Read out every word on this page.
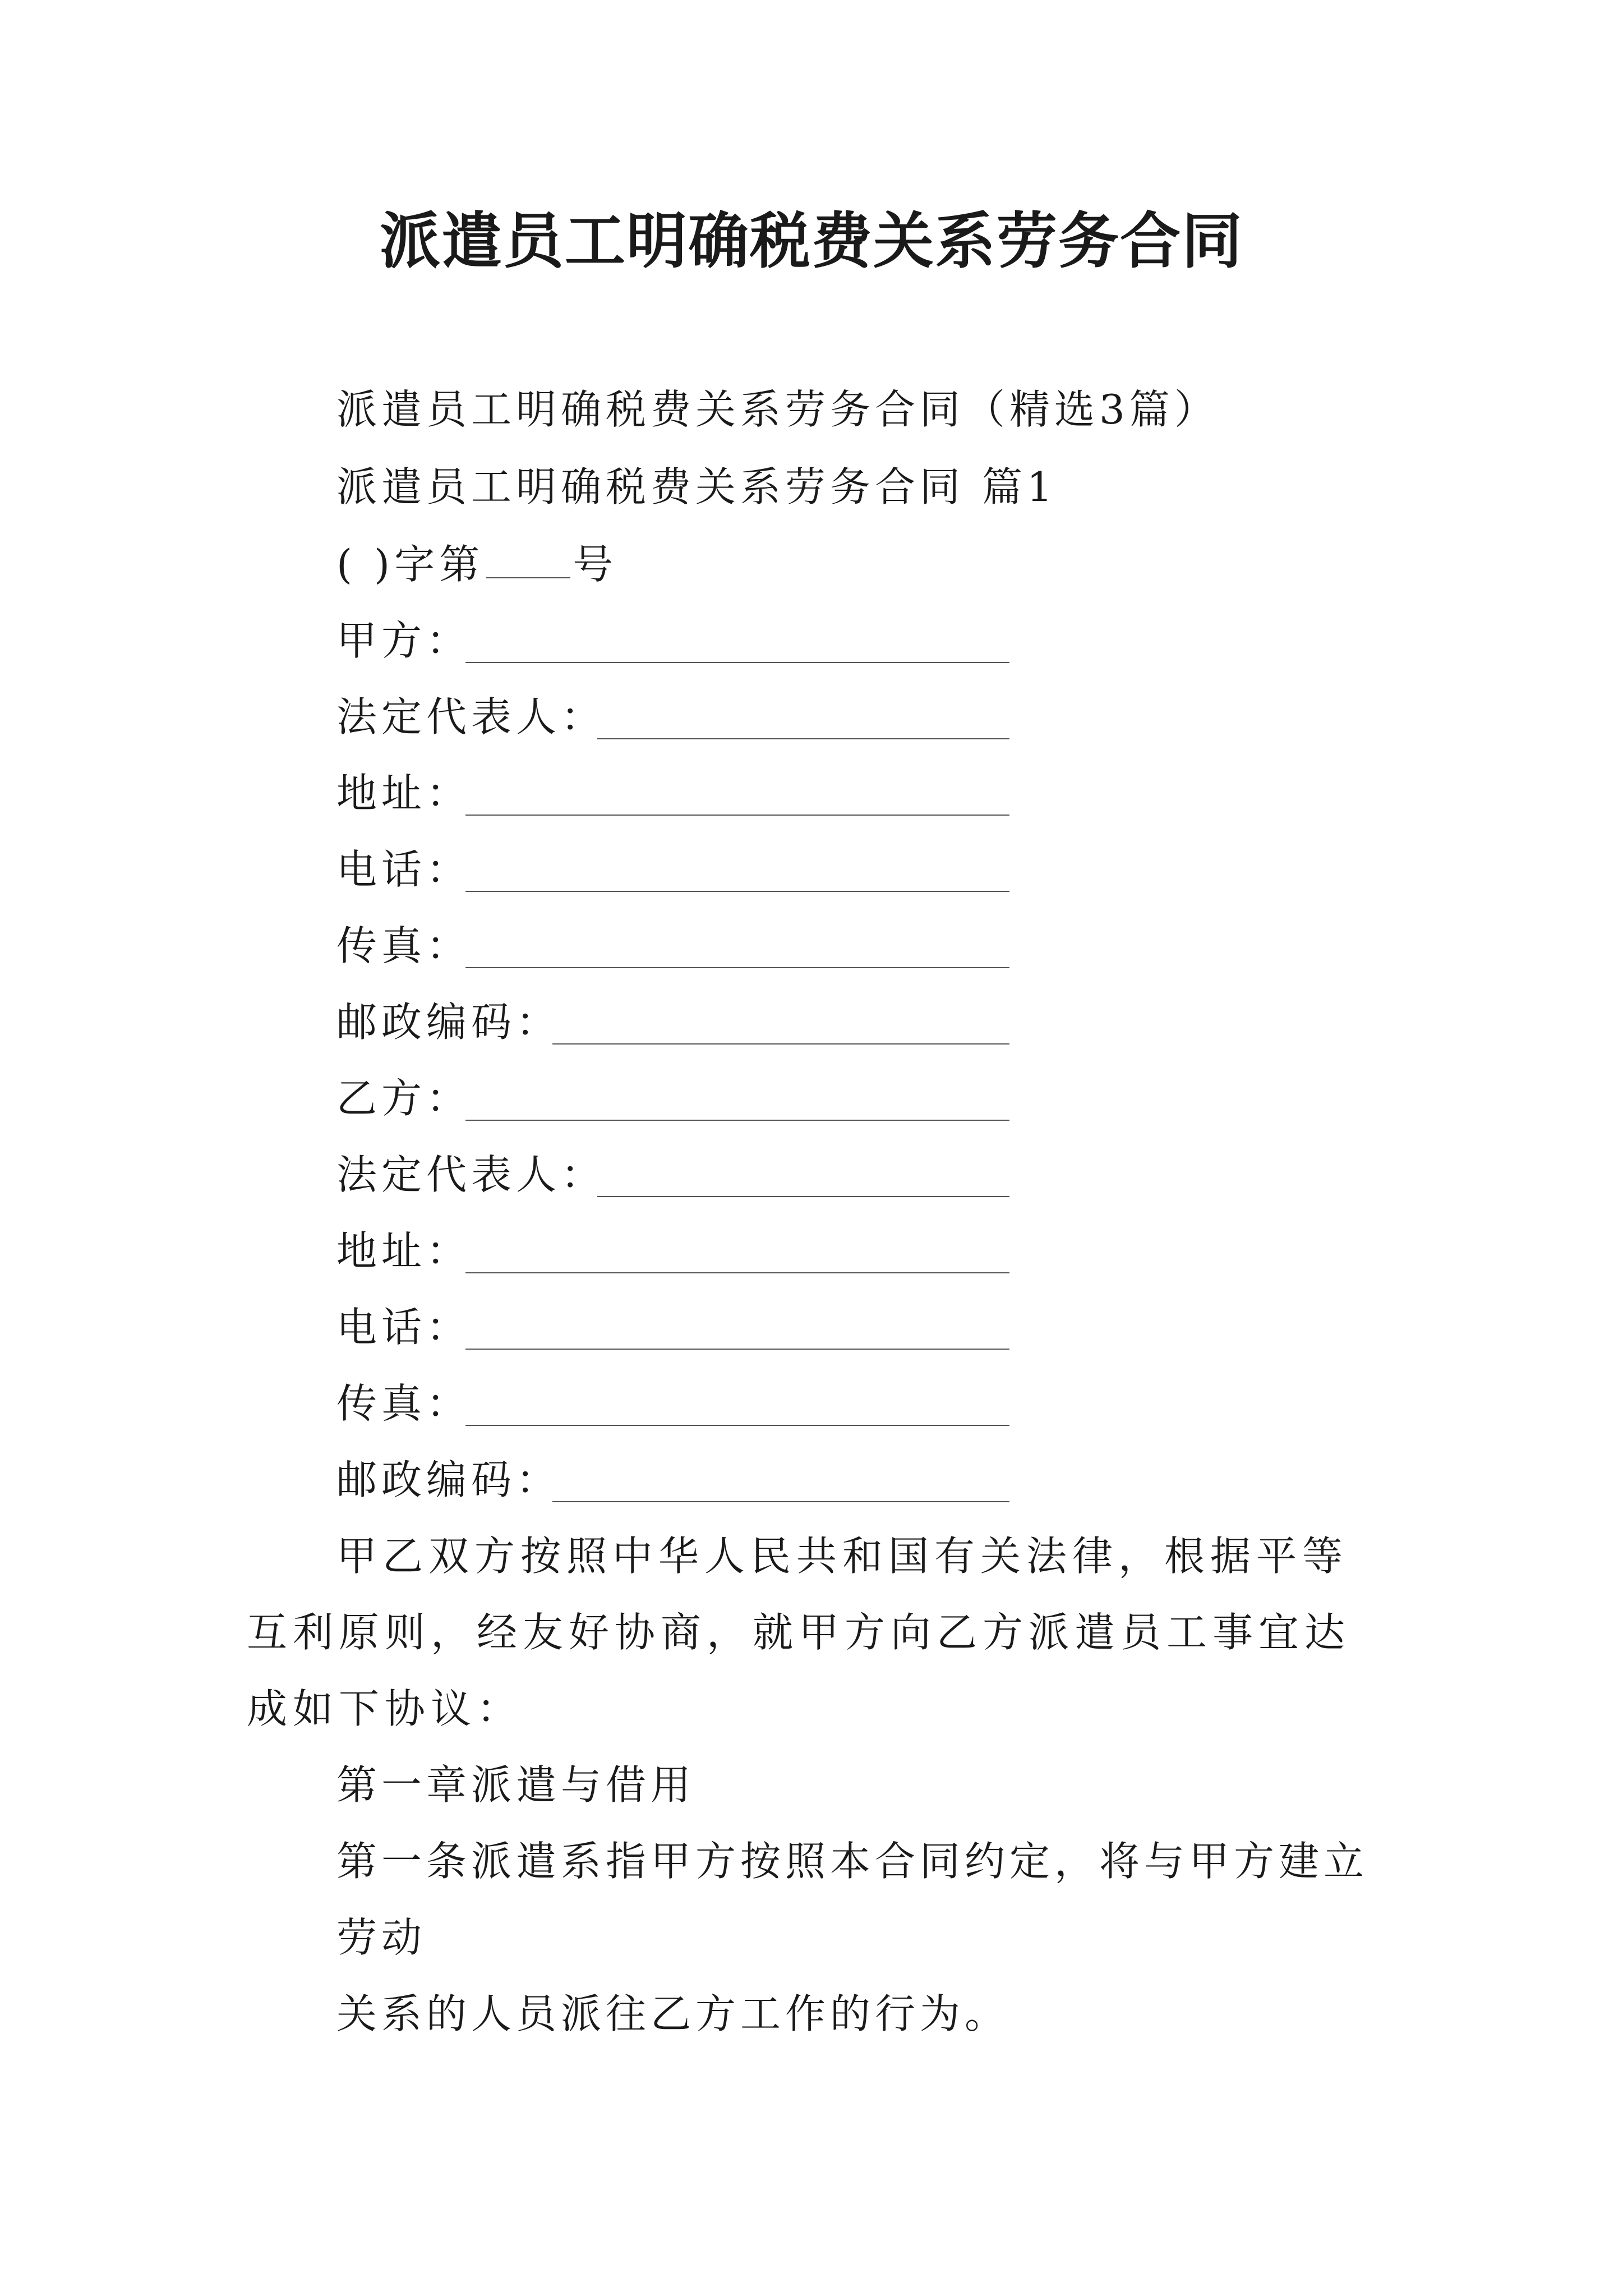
派遣员工明确税费关系劳务合同
派遣员工明确税费关系劳务合同（精选3篇）
派遣员工明确税费关系劳务合同 篇1
( )字第 号
甲方：
法定代表人：
地址：
电话：
传真：
邮政编码：
乙方：
法定代表人：
地址：
电话：
传真：
邮政编码：

甲乙双方按照中华人民共和国有关法律，根据平等互利原则，经友好协商，就甲方向乙方派遣员工事宜达成如下协议：

第一章派遣与借用
第一条派遣系指甲方按照本合同约定，将与甲方建立
劳动
关系的人员派往乙方工作的行为。
